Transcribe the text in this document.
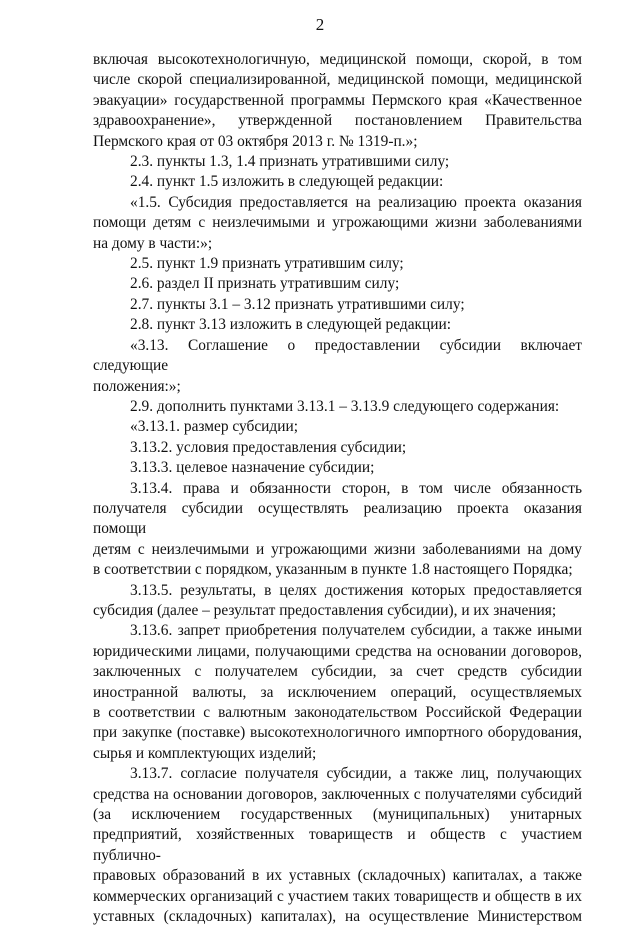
2
включая высокотехнологичную, медицинской помощи, скорой, в том
числе скорой специализированной, медицинской помощи, медицинской
эвакуации» государственной программы Пермского края «Качественное
здравоохранение», утвержденной постановлением Правительства
Пермского края от 03 октября 2013 г. № 1319-п.»;
2.3. пункты 1.3, 1.4 признать утратившими силу;
2.4. пункт 1.5 изложить в следующей редакции:
«1.5. Субсидия предоставляется на реализацию проекта оказания
помощи детям с неизлечимыми и угрожающими жизни заболеваниями
на дому в части:»;
2.5. пункт 1.9 признать утратившим силу;
2.6. раздел II признать утратившим силу;
2.7. пункты 3.1 – 3.12 признать утратившими силу;
2.8. пункт 3.13 изложить в следующей редакции:
«3.13. Соглашение о предоставлении субсидии включает следующие
положения:»;
2.9. дополнить пунктами 3.13.1 – 3.13.9 следующего содержания:
«3.13.1. размер субсидии;
3.13.2. условия предоставления субсидии;
3.13.3. целевое назначение субсидии;
3.13.4. права и обязанности сторон, в том числе обязанность
получателя субсидии осуществлять реализацию проекта оказания помощи
детям с неизлечимыми и угрожающими жизни заболеваниями на дому
в соответствии с порядком, указанным в пункте 1.8 настоящего Порядка;
3.13.5. результаты, в целях достижения которых предоставляется
субсидия (далее – результат предоставления субсидии), и их значения;
3.13.6. запрет приобретения получателем субсидии, а также иными
юридическими лицами, получающими средства на основании договоров,
заключенных с получателем субсидии, за счет средств субсидии
иностранной валюты, за исключением операций, осуществляемых
в соответствии с валютным законодательством Российской Федерации
при закупке (поставке) высокотехнологичного импортного оборудования,
сырья и комплектующих изделий;
3.13.7. согласие получателя субсидии, а также лиц, получающих
средства на основании договоров, заключенных с получателями субсидий
(за исключением государственных (муниципальных) унитарных
предприятий, хозяйственных товариществ и обществ с участием публично-
правовых образований в их уставных (складочных) капиталах, а также
коммерческих организаций с участием таких товариществ и обществ в их
уставных (складочных) капиталах), на осуществление Министерством
